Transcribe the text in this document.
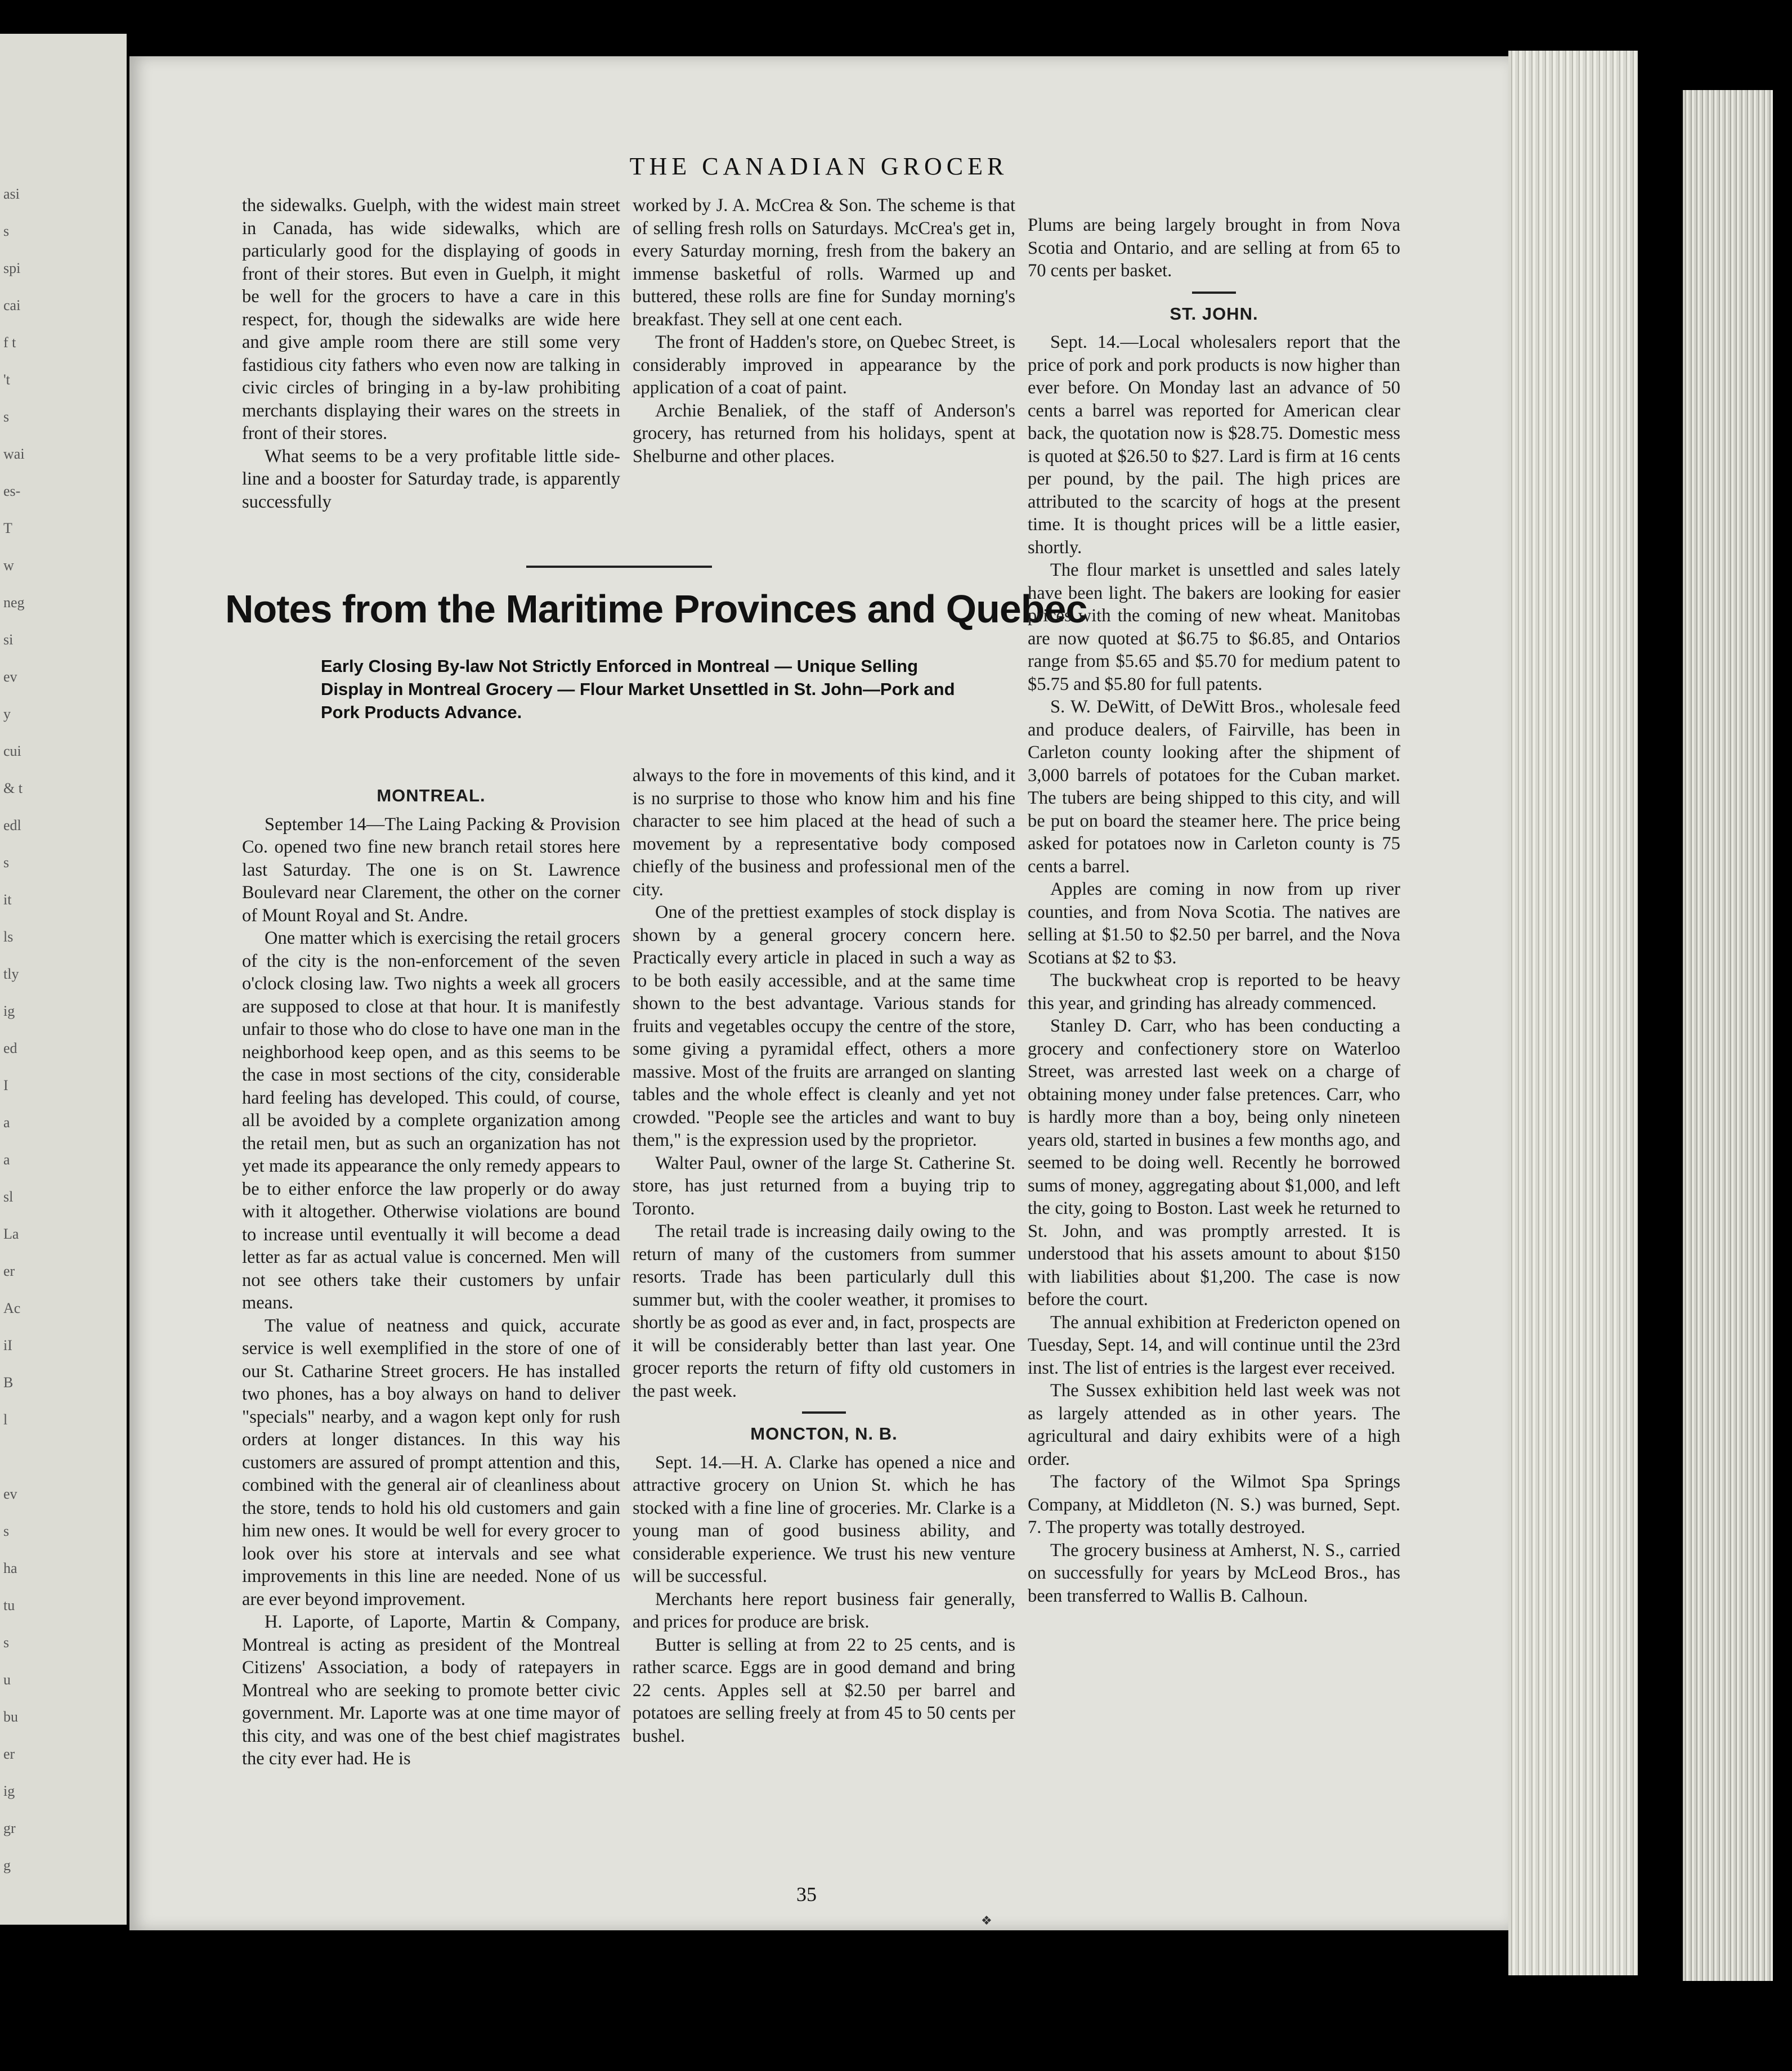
asi
s
spi
cai
f t
't
s
wai
es-
T
w
neg
si
ev
y
cui
& t
edl
s
it
ls
tly
ig
ed
I
a
a
sl
La
er
Ac
iI
B
l
ev
s
ha
tu
s
u
bu
er
ig
gr
g
THE CANADIAN GROCER

the sidewalks. Guelph, with the widest main street in Canada, has wide sidewalks, which are particularly good for the displaying of goods in front of their stores. But even in Guelph, it might be well for the grocers to have a care in this respect, for, though the sidewalks are wide here and give ample room there are still some very fastidious city fathers who even now are talking in civic circles of bringing in a by-law prohibiting merchants displaying their wares on the streets in front of their stores.

What seems to be a very profitable little side-line and a booster for Saturday trade, is apparently successfully

worked by J. A. McCrea & Son. The scheme is that of selling fresh rolls on Saturdays. McCrea's get in, every Saturday morning, fresh from the bakery an immense basketful of rolls. Warmed up and buttered, these rolls are fine for Sunday morning's breakfast. They sell at one cent each.

The front of Hadden's store, on Quebec Street, is considerably improved in appearance by the application of a coat of paint.

Archie Benaliek, of the staff of Anderson's grocery, has returned from his holidays, spent at Shelburne and other places.

Notes from the Maritime Provinces and Quebec
Early Closing By-law Not Strictly Enforced in Montreal — Unique Selling Display in Montreal Grocery — Flour Market Unsettled in St. John—Pork and Pork Products Advance.
MONTREAL.

September 14—The Laing Packing & Provision Co. opened two fine new branch retail stores here last Saturday. The one is on St. Lawrence Boulevard near Clarement, the other on the corner of Mount Royal and St. Andre.

One matter which is exercising the retail grocers of the city is the non-enforcement of the seven o'clock closing law. Two nights a week all grocers are supposed to close at that hour. It is manifestly unfair to those who do close to have one man in the neighborhood keep open, and as this seems to be the case in most sections of the city, considerable hard feeling has developed. This could, of course, all be avoided by a complete organization among the retail men, but as such an organization has not yet made its appearance the only remedy appears to be to either enforce the law properly or do away with it altogether. Otherwise violations are bound to increase until eventually it will become a dead letter as far as actual value is concerned. Men will not see others take their customers by unfair means.

The value of neatness and quick, accurate service is well exemplified in the store of one of our St. Catharine Street grocers. He has installed two phones, has a boy always on hand to deliver "specials" nearby, and a wagon kept only for rush orders at longer distances. In this way his customers are assured of prompt attention and this, combined with the general air of cleanliness about the store, tends to hold his old customers and gain him new ones. It would be well for every grocer to look over his store at intervals and see what improvements in this line are needed. None of us are ever beyond improvement.

H. Laporte, of Laporte, Martin & Company, Montreal is acting as president of the Montreal Citizens' Association, a body of ratepayers in Montreal who are seeking to promote better civic government. Mr. Laporte was at one time mayor of this city, and was one of the best chief magistrates the city ever had. He is

always to the fore in movements of this kind, and it is no surprise to those who know him and his fine character to see him placed at the head of such a movement by a representative body composed chiefly of the business and professional men of the city.

One of the prettiest examples of stock display is shown by a general grocery concern here. Practically every article in placed in such a way as to be both easily accessible, and at the same time shown to the best advantage. Various stands for fruits and vegetables occupy the centre of the store, some giving a pyramidal effect, others a more massive. Most of the fruits are arranged on slanting tables and the whole effect is cleanly and yet not crowded. "People see the articles and want to buy them," is the expression used by the proprietor.

Walter Paul, owner of the large St. Catherine St. store, has just returned from a buying trip to Toronto.

The retail trade is increasing daily owing to the return of many of the customers from summer resorts. Trade has been particularly dull this summer but, with the cooler weather, it promises to shortly be as good as ever and, in fact, prospects are it will be considerably better than last year. One grocer reports the return of fifty old customers in the past week.

MONCTON, N. B.

Sept. 14.—H. A. Clarke has opened a nice and attractive grocery on Union St. which he has stocked with a fine line of groceries. Mr. Clarke is a young man of good business ability, and considerable experience. We trust his new venture will be successful.

Merchants here report business fair generally, and prices for produce are brisk.

Butter is selling at from 22 to 25 cents, and is rather scarce. Eggs are in good demand and bring 22 cents. Apples sell at $2.50 per barrel and potatoes are selling freely at from 45 to 50 cents per bushel.

Plums are being largely brought in from Nova Scotia and Ontario, and are selling at from 65 to 70 cents per basket.

ST. JOHN.

Sept. 14.—Local wholesalers report that the price of pork and pork products is now higher than ever before. On Monday last an advance of 50 cents a barrel was reported for American clear back, the quotation now is $28.75. Domestic mess is quoted at $26.50 to $27. Lard is firm at 16 cents per pound, by the pail. The high prices are attributed to the scarcity of hogs at the present time. It is thought prices will be a little easier, shortly.

The flour market is unsettled and sales lately have been light. The bakers are looking for easier prices with the coming of new wheat. Manitobas are now quoted at $6.75 to $6.85, and Ontarios range from $5.65 and $5.70 for medium patent to $5.75 and $5.80 for full patents.

S. W. DeWitt, of DeWitt Bros., wholesale feed and produce dealers, of Fairville, has been in Carleton county looking after the shipment of 3,000 barrels of potatoes for the Cuban market. The tubers are being shipped to this city, and will be put on board the steamer here. The price being asked for potatoes now in Carleton county is 75 cents a barrel.

Apples are coming in now from up river counties, and from Nova Scotia. The natives are selling at $1.50 to $2.50 per barrel, and the Nova Scotians at $2 to $3.

The buckwheat crop is reported to be heavy this year, and grinding has already commenced.

Stanley D. Carr, who has been conducting a grocery and confectionery store on Waterloo Street, was arrested last week on a charge of obtaining money under false pretences. Carr, who is hardly more than a boy, being only nineteen years old, started in busines a few months ago, and seemed to be doing well. Recently he borrowed sums of money, aggregating about $1,000, and left the city, going to Boston. Last week he returned to St. John, and was promptly arrested. It is understood that his assets amount to about $150 with liabilities about $1,200. The case is now before the court.

The annual exhibition at Fredericton opened on Tuesday, Sept. 14, and will continue until the 23rd inst. The list of entries is the largest ever received.

The Sussex exhibition held last week was not as largely attended as in other years. The agricultural and dairy exhibits were of a high order.

The factory of the Wilmot Spa Springs Company, at Middleton (N. S.) was burned, Sept. 7. The property was totally destroyed.

The grocery business at Amherst, N. S., carried on successfully for years by McLeod Bros., has been transferred to Wallis B. Calhoun.

35
❖
